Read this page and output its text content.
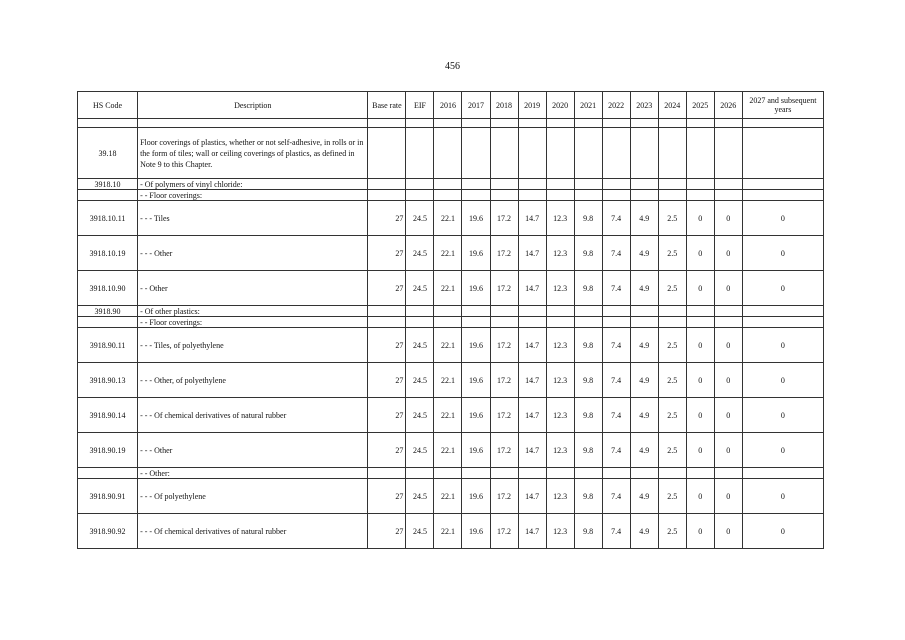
456
HS Code	Description	Base rate	EIF	2016	2017	2018	2019	2020	2021	2022	2023	2024	2025	2026	2027 and subsequent years

39.18	Floor coverings of plastics, whether or not self-adhesive, in rolls or in the form of tiles; wall or ceiling coverings of plastics, as defined in Note 9 to this Chapter.														
3918.10	- Of polymers of vinyl chloride:														
	- - Floor coverings:														
3918.10.11	- - - Tiles	27	24.5	22.1	19.6	17.2	14.7	12.3	9.8	7.4	4.9	2.5	0	0	0
3918.10.19	- - - Other	27	24.5	22.1	19.6	17.2	14.7	12.3	9.8	7.4	4.9	2.5	0	0	0
3918.10.90	- - Other	27	24.5	22.1	19.6	17.2	14.7	12.3	9.8	7.4	4.9	2.5	0	0	0
3918.90	- Of other plastics:														
	- - Floor coverings:														
3918.90.11	- - - Tiles, of polyethylene	27	24.5	22.1	19.6	17.2	14.7	12.3	9.8	7.4	4.9	2.5	0	0	0
3918.90.13	- - - Other, of polyethylene	27	24.5	22.1	19.6	17.2	14.7	12.3	9.8	7.4	4.9	2.5	0	0	0
3918.90.14	- - - Of chemical derivatives of natural rubber	27	24.5	22.1	19.6	17.2	14.7	12.3	9.8	7.4	4.9	2.5	0	0	0
3918.90.19	- - - Other	27	24.5	22.1	19.6	17.2	14.7	12.3	9.8	7.4	4.9	2.5	0	0	0
	- - Other:														
3918.90.91	- - - Of polyethylene	27	24.5	22.1	19.6	17.2	14.7	12.3	9.8	7.4	4.9	2.5	0	0	0
3918.90.92	- - - Of chemical derivatives of natural rubber	27	24.5	22.1	19.6	17.2	14.7	12.3	9.8	7.4	4.9	2.5	0	0	0
